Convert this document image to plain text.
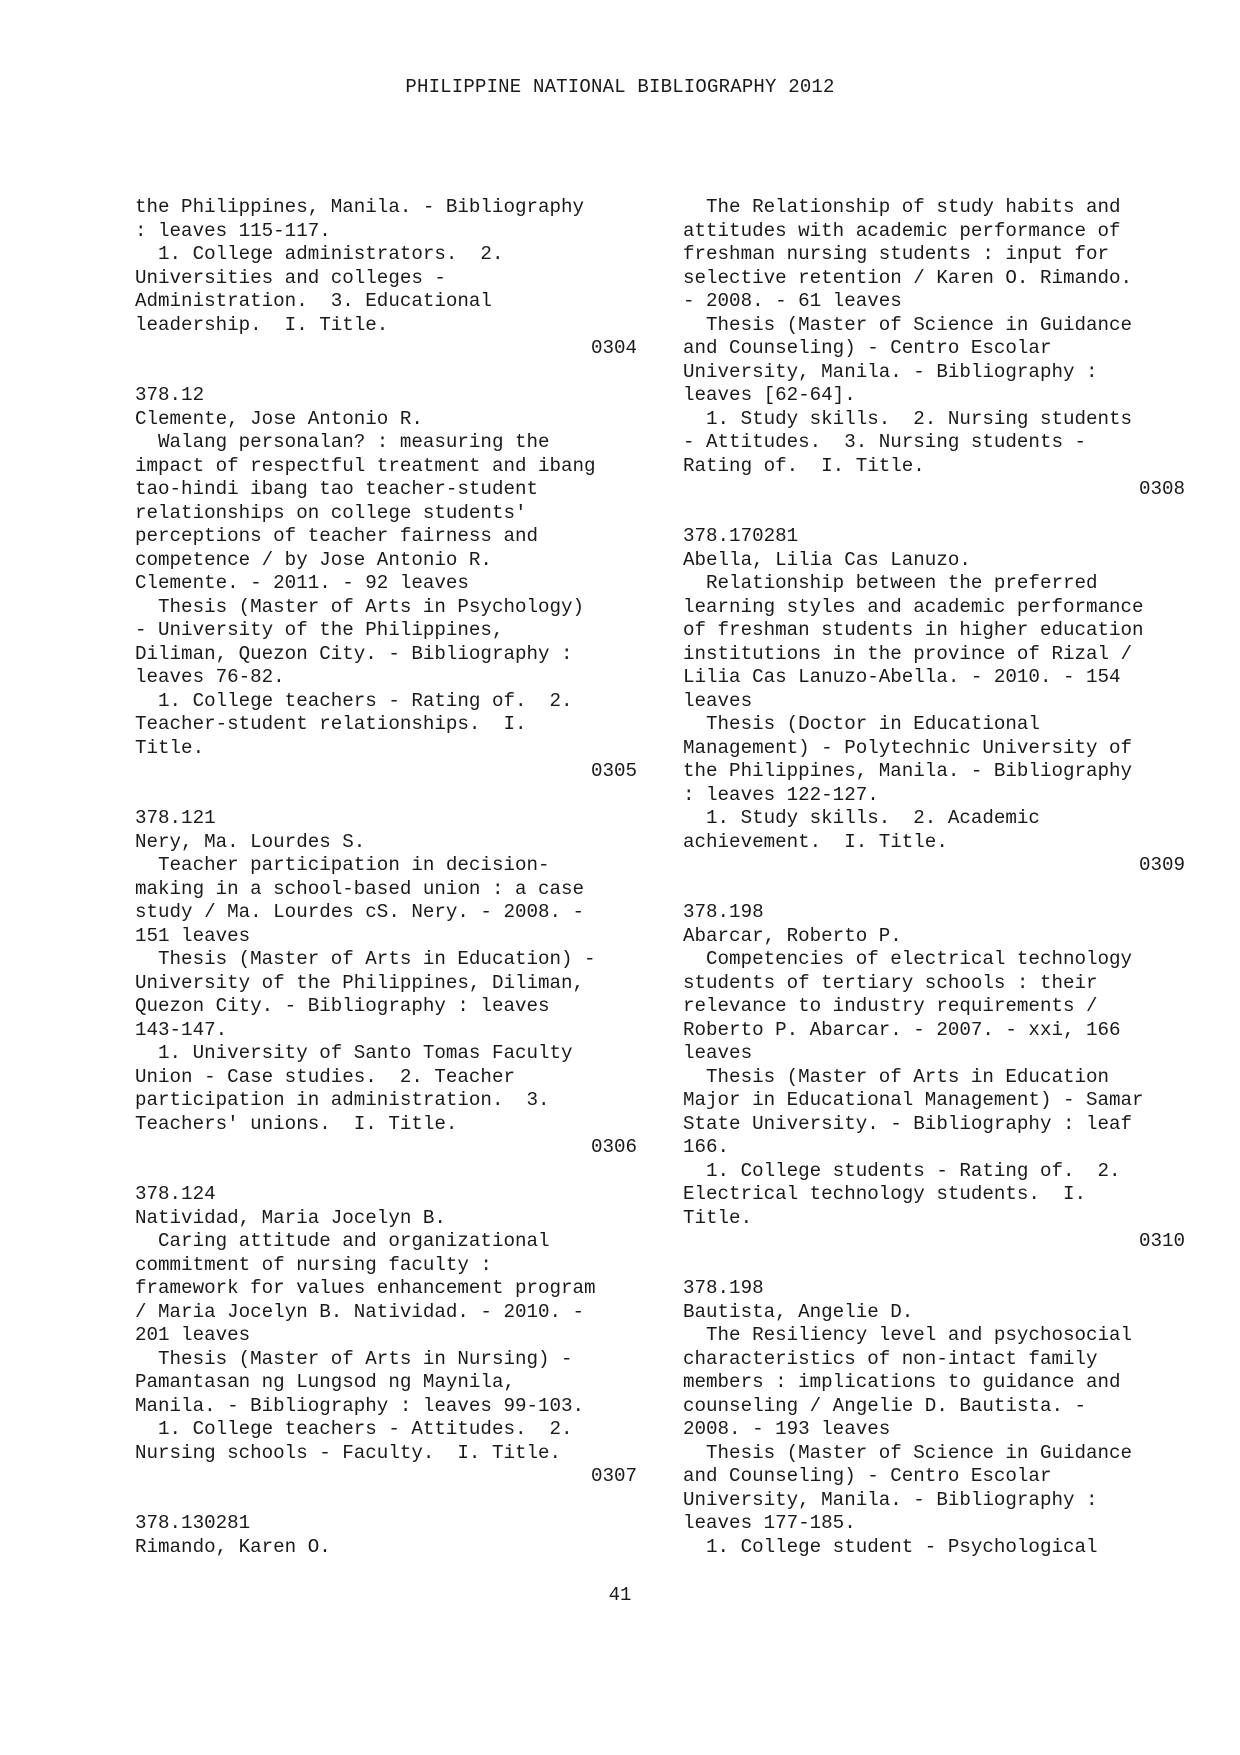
PHILIPPINE NATIONAL BIBLIOGRAPHY 2012
the Philippines, Manila. - Bibliography
: leaves 115-117.
1. College administrators.  2.
Universities and colleges -
Administration.  3. Educational
leadership.  I. Title.
0304
378.12
Clemente, Jose Antonio R.
Walang personalan? : measuring the
impact of respectful treatment and ibang
tao-hindi ibang tao teacher-student
relationships on college students'
perceptions of teacher fairness and
competence / by Jose Antonio R.
Clemente. - 2011. - 92 leaves
Thesis (Master of Arts in Psychology)
- University of the Philippines,
Diliman, Quezon City. - Bibliography :
leaves 76-82.
1. College teachers - Rating of.  2.
Teacher-student relationships.  I.
Title.
0305
378.121
Nery, Ma. Lourdes S.
Teacher participation in decision-
making in a school-based union : a case
study / Ma. Lourdes cS. Nery. - 2008. -
151 leaves
Thesis (Master of Arts in Education) -
University of the Philippines, Diliman,
Quezon City. - Bibliography : leaves
143-147.
1. University of Santo Tomas Faculty
Union - Case studies.  2. Teacher
participation in administration.  3.
Teachers' unions.  I. Title.
0306
378.124
Natividad, Maria Jocelyn B.
Caring attitude and organizational
commitment of nursing faculty :
framework for values enhancement program
/ Maria Jocelyn B. Natividad. - 2010. -
201 leaves
Thesis (Master of Arts in Nursing) -
Pamantasan ng Lungsod ng Maynila,
Manila. - Bibliography : leaves 99-103.
1. College teachers - Attitudes.  2.
Nursing schools - Faculty.  I. Title.
0307
378.130281
Rimando, Karen O.
The Relationship of study habits and
attitudes with academic performance of
freshman nursing students : input for
selective retention / Karen O. Rimando.
- 2008. - 61 leaves
Thesis (Master of Science in Guidance
and Counseling) - Centro Escolar
University, Manila. - Bibliography :
leaves [62-64].
1. Study skills.  2. Nursing students
- Attitudes.  3. Nursing students -
Rating of.  I. Title.
0308
378.170281
Abella, Lilia Cas Lanuzo.
Relationship between the preferred
learning styles and academic performance
of freshman students in higher education
institutions in the province of Rizal /
Lilia Cas Lanuzo-Abella. - 2010. - 154
leaves
Thesis (Doctor in Educational
Management) - Polytechnic University of
the Philippines, Manila. - Bibliography
: leaves 122-127.
1. Study skills.  2. Academic
achievement.  I. Title.
0309
378.198
Abarcar, Roberto P.
Competencies of electrical technology
students of tertiary schools : their
relevance to industry requirements /
Roberto P. Abarcar. - 2007. - xxi, 166
leaves
Thesis (Master of Arts in Education
Major in Educational Management) - Samar
State University. - Bibliography : leaf
166.
1. College students - Rating of.  2.
Electrical technology students.  I.
Title.
0310
378.198
Bautista, Angelie D.
The Resiliency level and psychosocial
characteristics of non-intact family
members : implications to guidance and
counseling / Angelie D. Bautista. -
2008. - 193 leaves
Thesis (Master of Science in Guidance
and Counseling) - Centro Escolar
University, Manila. - Bibliography :
leaves 177-185.
1. College student - Psychological
41
